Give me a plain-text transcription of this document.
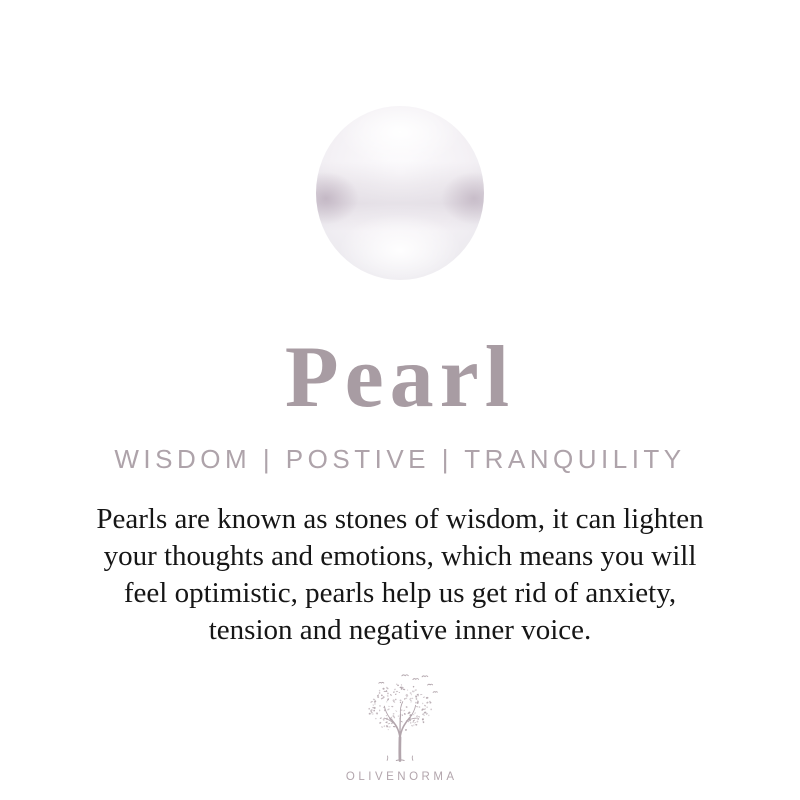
Pearl
WISDOM | POSTIVE | TRANQUILITY

Pearls are known as stones of wisdom, it can lighten
your thoughts and emotions, which means you will
feel optimistic, pearls help us get rid of anxiety,
tension and negative inner voice.

OLIVENORMA
